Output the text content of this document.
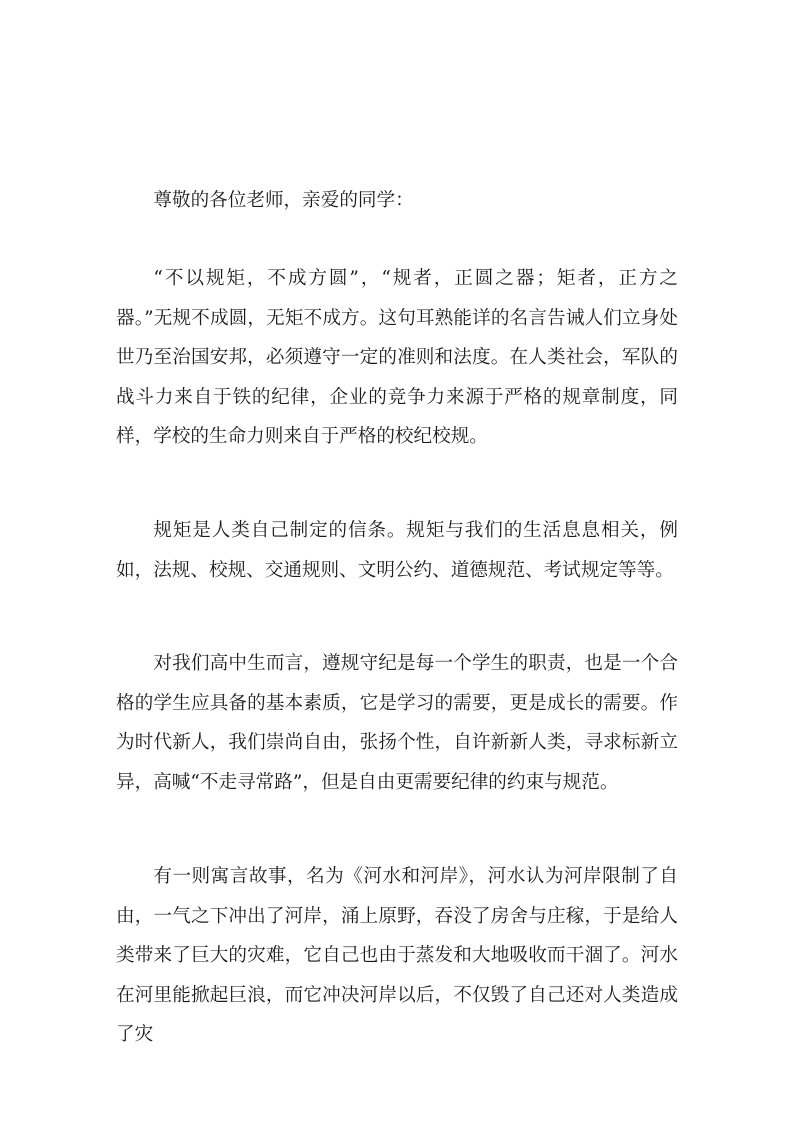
尊敬的各位老师，亲爱的同学：

“不以规矩，不成方圆”，“规者，正圆之器；矩者，正方之器。”无规不成圆，无矩不成方。这句耳熟能详的名言告诫人们立身处世乃至治国安邦，必须遵守一定的准则和法度。在人类社会，军队的战斗力来自于铁的纪律，企业的竞争力来源于严格的规章制度，同样，学校的生命力则来自于严格的校纪校规。

规矩是人类自己制定的信条。规矩与我们的生活息息相关，例如，法规、校规、交通规则、文明公约、道德规范、考试规定等等。

对我们高中生而言，遵规守纪是每一个学生的职责，也是一个合格的学生应具备的基本素质，它是学习的需要，更是成长的需要。作为时代新人，我们崇尚自由，张扬个性，自许新新人类，寻求标新立异，高喊“不走寻常路”，但是自由更需要纪律的约束与规范。

有一则寓言故事，名为《河水和河岸》，河水认为河岸限制了自由，一气之下冲出了河岸，涌上原野，吞没了房舍与庄稼，于是给人类带来了巨大的灾难，它自己也由于蒸发和大地吸收而干涸了。河水在河里能掀起巨浪，而它冲决河岸以后，不仅毁了自己还对人类造成了灾
